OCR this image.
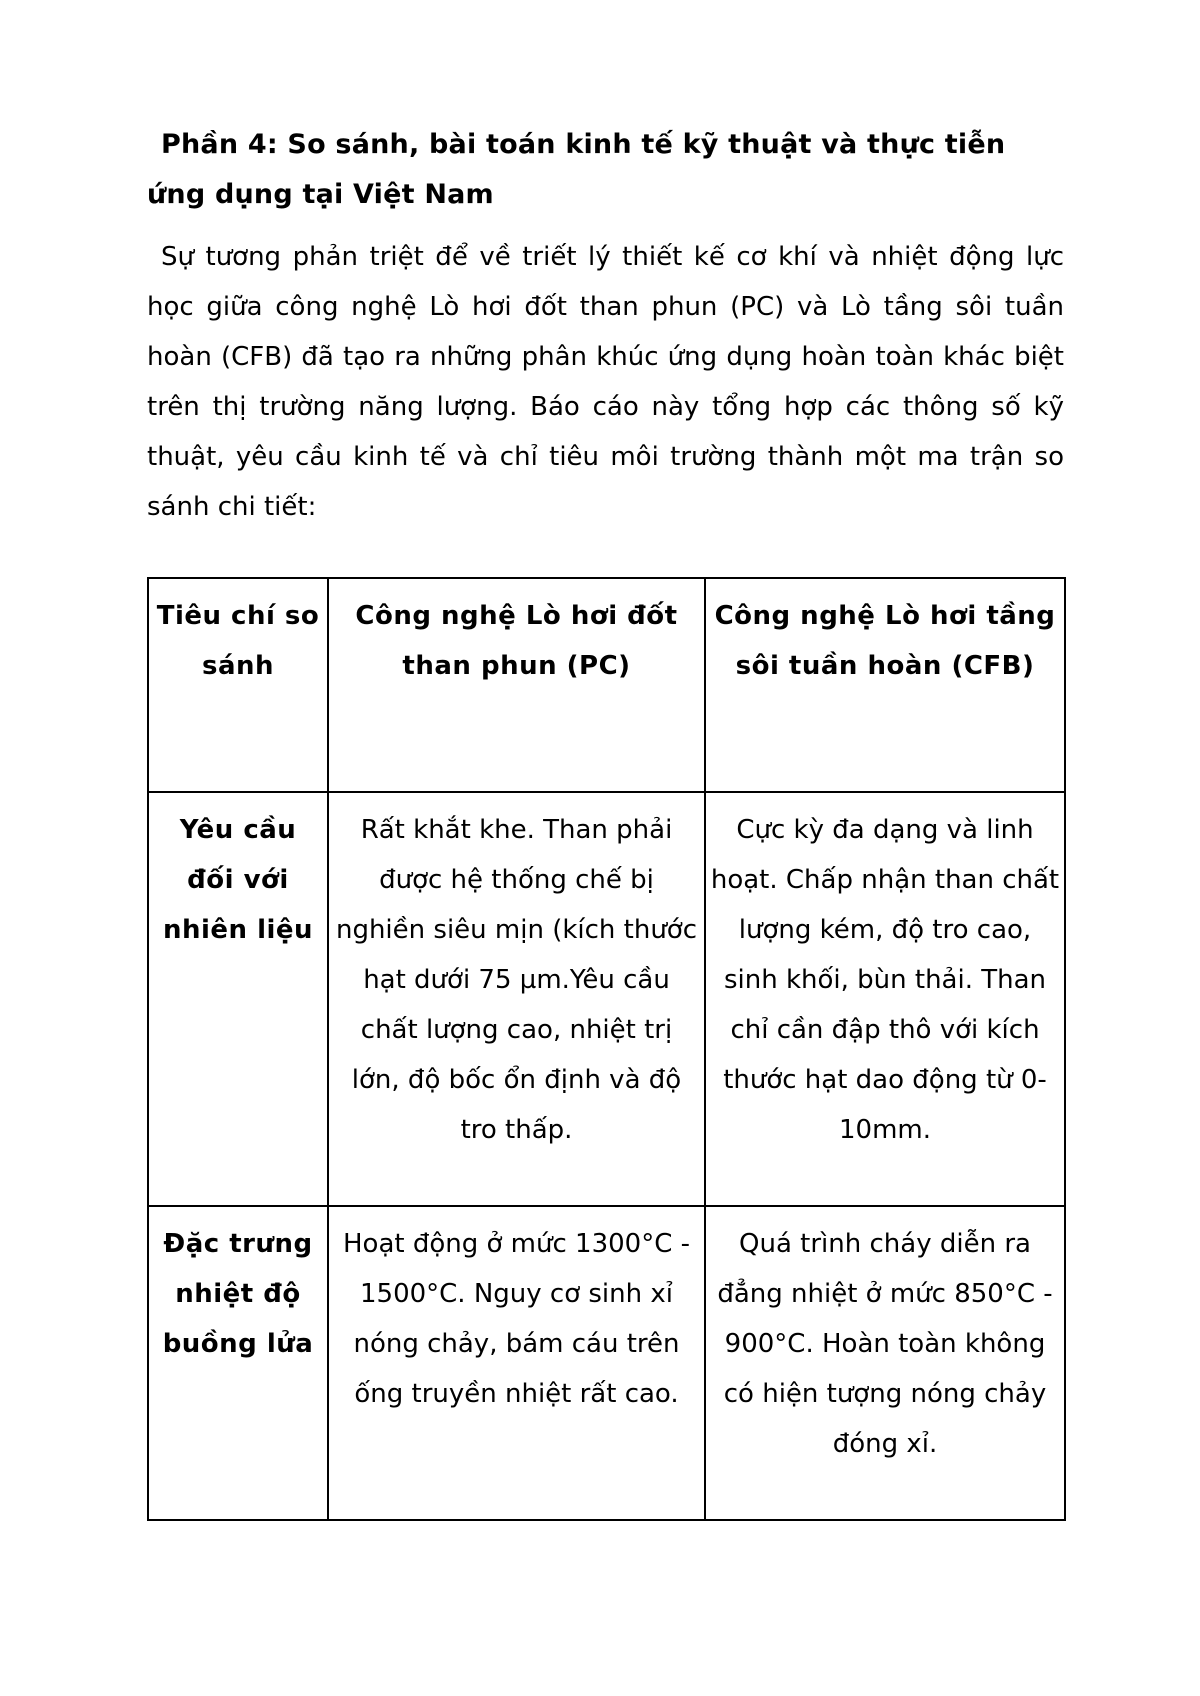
Phần 4: So sánh, bài toán kinh tế kỹ thuật và thực tiễn ứng dụng tại Việt Nam

Sự tương phản triệt để về triết lý thiết kế cơ khí và nhiệt động lực học giữa công nghệ Lò hơi đốt than phun (PC) và Lò tầng sôi tuần hoàn (CFB) đã tạo ra những phân khúc ứng dụng hoàn toàn khác biệt trên thị trường năng lượng. Báo cáo này tổng hợp các thông số kỹ thuật, yêu cầu kinh tế và chỉ tiêu môi trường thành một ma trận so sánh chi tiết:

Tiêu chí so sánh	Công nghệ Lò hơi đốt than phun (PC)	Công nghệ Lò hơi tầng sôi tuần hoàn (CFB)
Yêu cầu đối với nhiên liệu	Rất khắt khe. Than phải được hệ thống chế bị nghiền siêu mịn (kích thước hạt dưới 75 µm.Yêu cầu chất lượng cao, nhiệt trị lớn, độ bốc ổn định và độ tro thấp.	Cực kỳ đa dạng và linh hoạt. Chấp nhận than chất lượng kém, độ tro cao, sinh khối, bùn thải. Than chỉ cần đập thô với kích thước hạt dao động từ 0-10mm.
Đặc trưng nhiệt độ buồng lửa	Hoạt động ở mức 1300°C - 1500°C. Nguy cơ sinh xỉ nóng chảy, bám cáu trên ống truyền nhiệt rất cao.	Quá trình cháy diễn ra đẳng nhiệt ở mức 850°C - 900°C. Hoàn toàn không có hiện tượng nóng chảy đóng xỉ.
